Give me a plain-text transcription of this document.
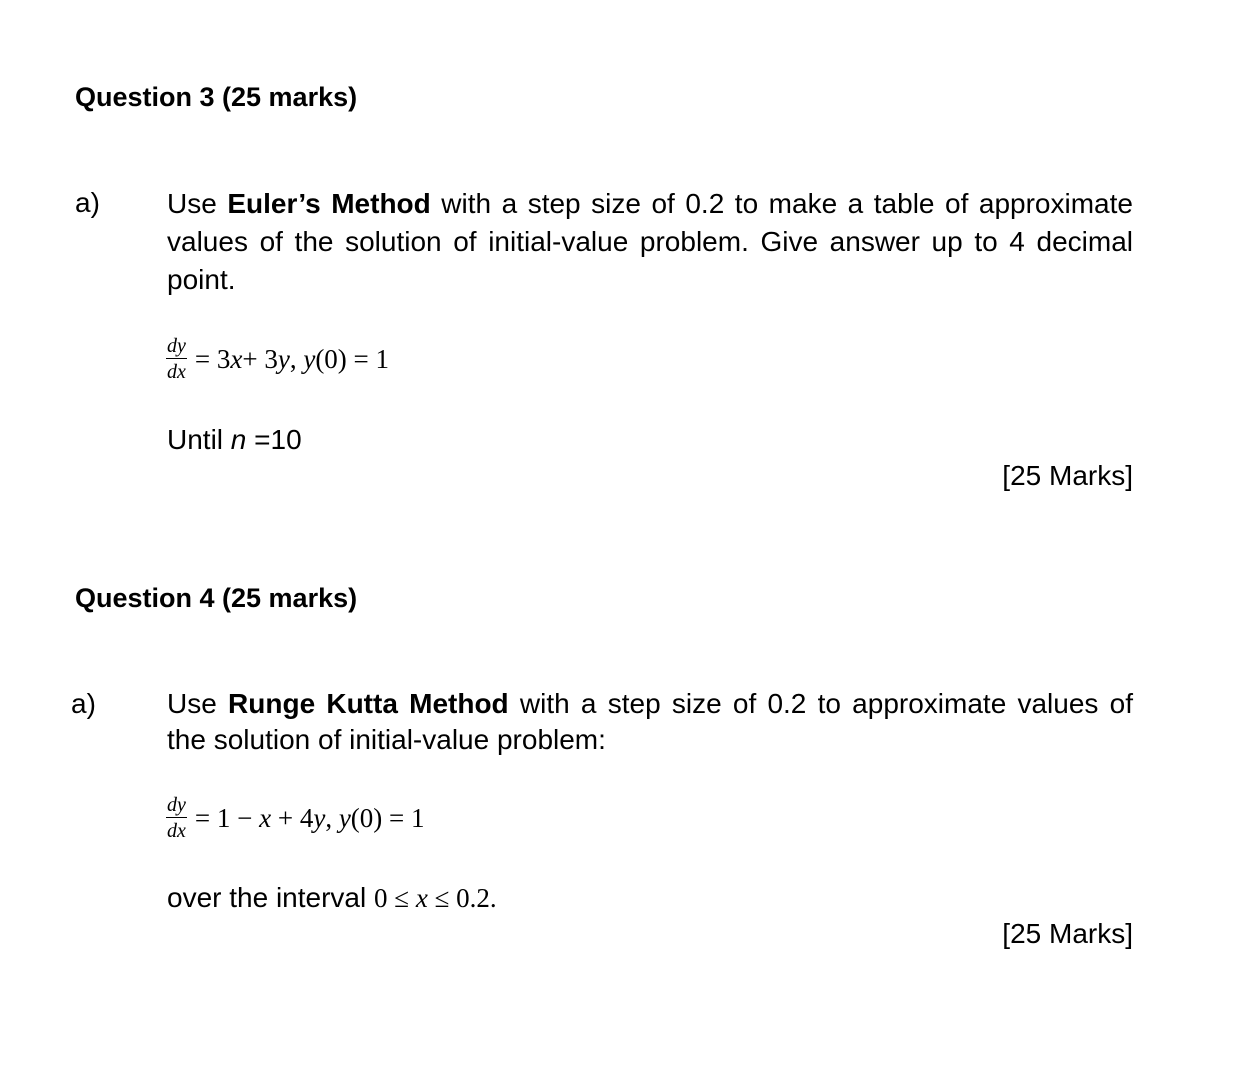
Question 3 (25 marks)
a) Use Euler’s Method with a step size of 0.2 to make a table of approximate values of the solution of initial-value problem. Give answer up to 4 decimal point.
$\frac{dy}{dx} = 3$ x + 3 y , y (0) = 1
Until n =10
[25 Marks]
Question 4 (25 marks)
a)	Use Runge Kutta Method with a step size of 0.2 to approximate values of the solution of initial-value problem:
$\frac{dy}{dx} = 1 - x + 4$ y , y (0) = 1
over the interval 0 ≤ x ≤ 0.2.
[25 Marks]
